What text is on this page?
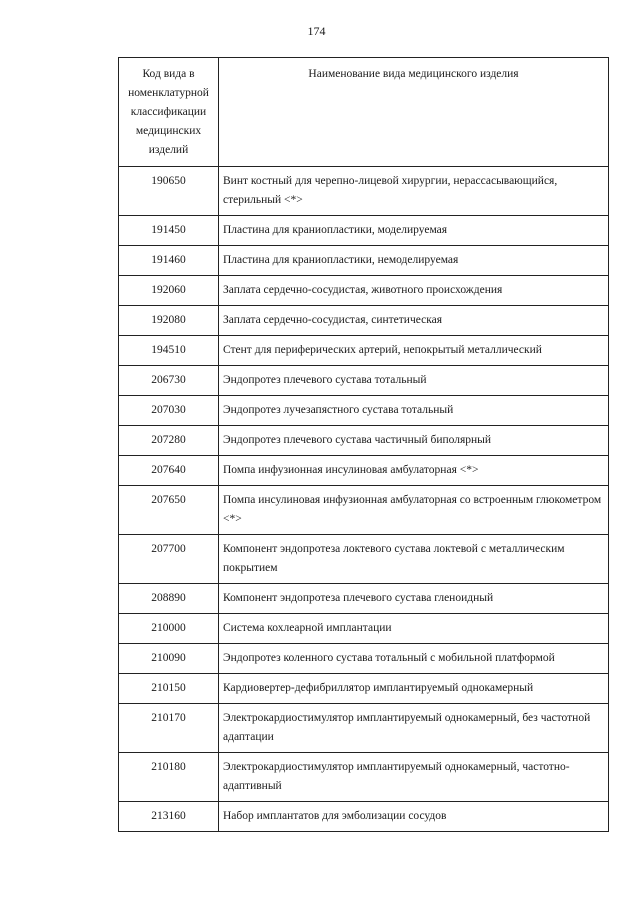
174
Код вида в номенклатурной классификации медицинских изделий	Наименование вида медицинского изделия
190650	Винт костный для черепно-лицевой хирургии, нерассасывающийся, стерильный <*>
191450	Пластина для краниопластики, моделируемая
191460	Пластина для краниопластики, немоделируемая
192060	Заплата сердечно-сосудистая, животного происхождения
192080	Заплата сердечно-сосудистая, синтетическая
194510	Стент для периферических артерий, непокрытый металлический
206730	Эндопротез плечевого сустава тотальный
207030	Эндопротез лучезапястного сустава тотальный
207280	Эндопротез плечевого сустава частичный биполярный
207640	Помпа инфузионная инсулиновая амбулаторная <*>
207650	Помпа инсулиновая инфузионная амбулаторная со встроенным глюкометром <*>
207700	Компонент эндопротеза локтевого сустава локтевой с металлическим покрытием
208890	Компонент эндопротеза плечевого сустава гленоидный
210000	Система кохлеарной имплантации
210090	Эндопротез коленного сустава тотальный с мобильной платформой
210150	Кардиовертер-дефибриллятор имплантируемый однокамерный
210170	Электрокардиостимулятор имплантируемый однокамерный, без частотной адаптации
210180	Электрокардиостимулятор имплантируемый однокамерный, частотно-адаптивный
213160	Набор имплантатов для эмболизации сосудов
